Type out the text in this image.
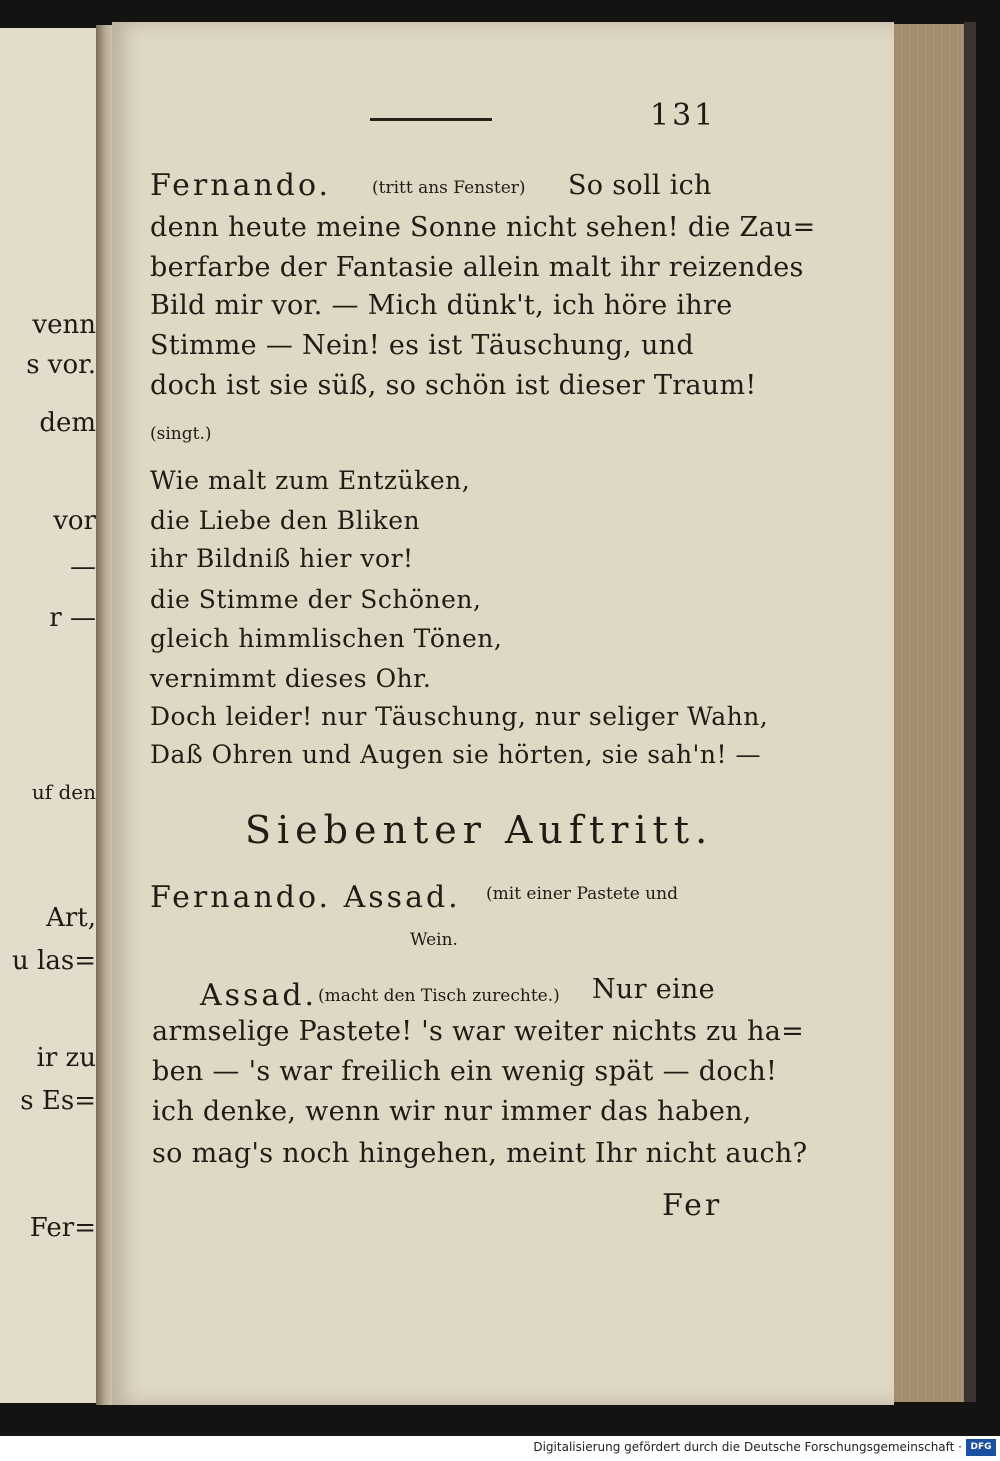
venn
s vor.
dem
vor
—
r —
uf den
Art,
u las=
ir zu
s Es=
Fer=
131
Fernando. (tritt ans Fenster) So soll ich
denn heute meine Sonne nicht sehen! die Zau=
berfarbe der Fantasie allein malt ihr reizendes
Bild mir vor. — Mich dünk't, ich höre ihre
Stimme — Nein! es ist Täuschung, und
doch ist sie süß, so schön ist dieser Traum!
(singt.)
Wie malt zum Entzüken,
die Liebe den Bliken
ihr Bildniß hier vor!
die Stimme der Schönen,
gleich himmlischen Tönen,
vernimmt dieses Ohr.
Doch leider! nur Täuschung, nur seliger Wahn,
Daß Ohren und Augen sie hörten, sie sah'n! —
Siebenter Auftritt.
Fernando. Assad. (mit einer Pastete und
Wein.
Assad. (macht den Tisch zurechte.) Nur eine
armselige Pastete! 's war weiter nichts zu ha=
ben — 's war freilich ein wenig spät — doch!
ich denke, wenn wir nur immer das haben,
so mag's noch hingehen, meint Ihr nicht auch?
Fer
Digitalisierung gefördert durch die Deutsche Forschungsgemeinschaft · DFG
